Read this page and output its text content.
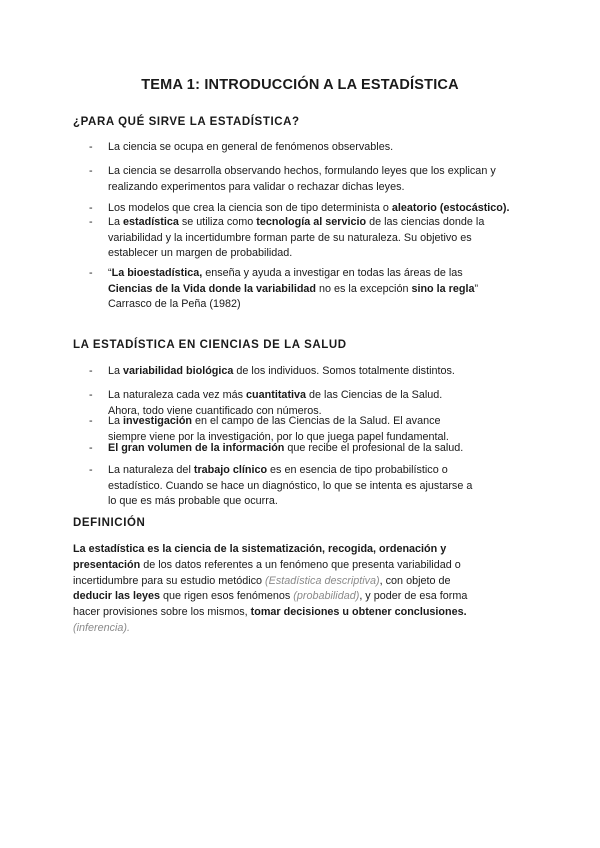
TEMA 1: INTRODUCCIÓN A LA ESTADÍSTICA
¿PARA QUÉ SIRVE LA ESTADÍSTICA?
- La ciencia se ocupa en general de fenómenos observables.
- La ciencia se desarrolla observando hechos, formulando leyes que los explican y realizando experimentos para validar o rechazar dichas leyes.
- Los modelos que crea la ciencia son de tipo determinista o aleatorio (estocástico).
- La estadística se utiliza como tecnología al servicio de las ciencias donde la variabilidad y la incertidumbre forman parte de su naturaleza. Su objetivo es establecer un margen de probabilidad.
- “La bioestadística, enseña y ayuda a investigar en todas las áreas de las Ciencias de la Vida donde la variabilidad no es la excepción sino la regla” Carrasco de la Peña (1982)
LA ESTADÍSTICA EN CIENCIAS DE LA SALUD
- La variabilidad biológica de los individuos. Somos totalmente distintos.
- La naturaleza cada vez más cuantitativa de las Ciencias de la Salud. Ahora, todo viene cuantificado con números.
- La investigación en el campo de las Ciencias de la Salud. El avance siempre viene por la investigación, por lo que juega papel fundamental.
- El gran volumen de la información que recibe el profesional de la salud.
- La naturaleza del trabajo clínico es en esencia de tipo probabilístico o estadístico. Cuando se hace un diagnóstico, lo que se intenta es ajustarse a lo que es más probable que ocurra.
DEFINICIÓN
La estadística es la ciencia de la sistematización, recogida, ordenación y presentación de los datos referentes a un fenómeno que presenta variabilidad o incertidumbre para su estudio metódico (Estadística descriptiva), con objeto de deducir las leyes que rigen esos fenómenos (probabilidad), y poder de esa forma hacer provisiones sobre los mismos, tomar decisiones u obtener conclusiones. (inferencia).
